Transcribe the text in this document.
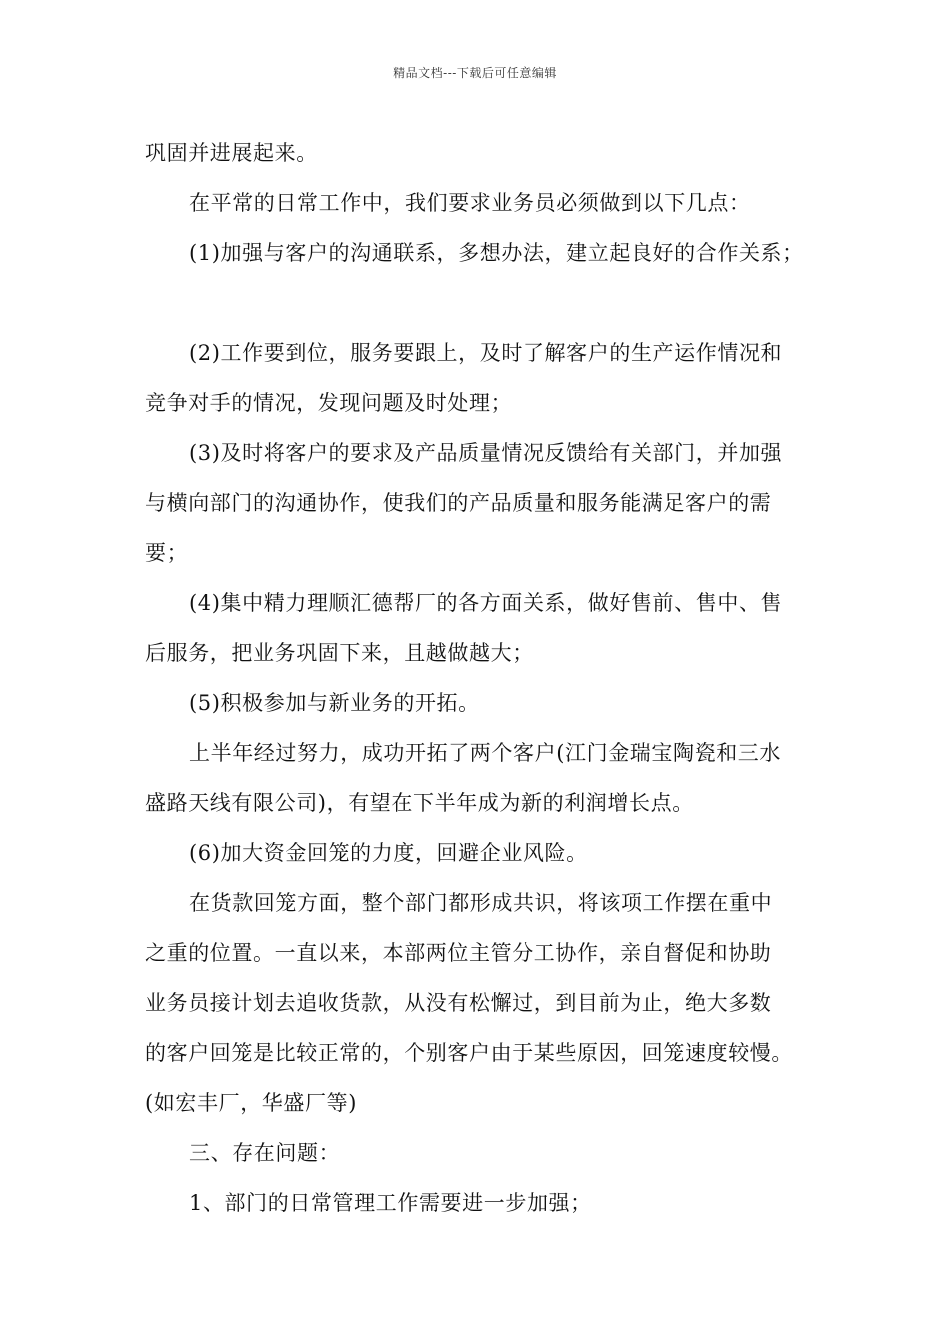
精品文档---下载后可任意编辑
巩固并进展起来。
在平常的日常工作中，我们要求业务员必须做到以下几点：
(1)加强与客户的沟通联系，多想办法，建立起良好的合作关系；
(2)工作要到位，服务要跟上，及时了解客户的生产运作情况和
竞争对手的情况，发现问题及时处理；
(3)及时将客户的要求及产品质量情况反馈给有关部门，并加强
与横向部门的沟通协作，使我们的产品质量和服务能满足客户的需
要；
(4)集中精力理顺汇德帮厂的各方面关系，做好售前、售中、售
后服务，把业务巩固下来，且越做越大；
(5)积极参加与新业务的开拓。
上半年经过努力，成功开拓了两个客户(江门金瑞宝陶瓷和三水
盛路天线有限公司)，有望在下半年成为新的利润增长点。
(6)加大资金回笼的力度，回避企业风险。
在货款回笼方面，整个部门都形成共识，将该项工作摆在重中
之重的位置。一直以来，本部两位主管分工协作，亲自督促和协助
业务员接计划去追收货款，从没有松懈过，到目前为止，绝大多数
的客户回笼是比较正常的，个别客户由于某些原因，回笼速度较慢。
(如宏丰厂，华盛厂等)
三、存在问题：
1、部门的日常管理工作需要进一步加强；
